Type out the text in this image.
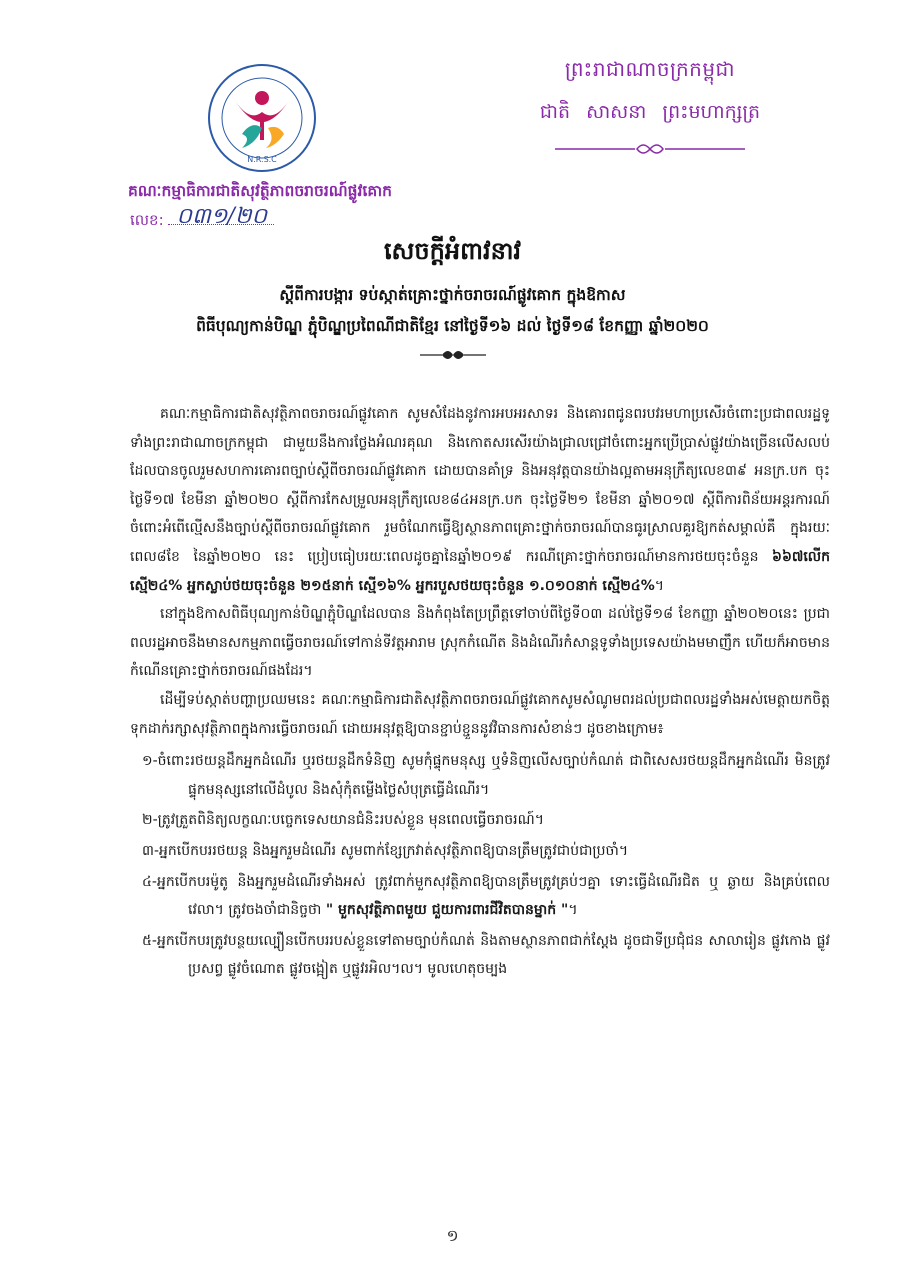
N.R.S.C
ព្រះរាជាណាចក្រកម្ពុជា
ជាតិ សាសនា ព្រះមហាក្សត្រ
គណៈកម្មាធិការជាតិសុវត្ថិភាពចរាចរណ៍ផ្លូវគោក
លេខ: ០៣១/២០
សេចក្តីអំពាវនាវ
ស្តីពីការបង្ការ ទប់ស្កាត់គ្រោះថ្នាក់ចរាចរណ៍ផ្លូវគោក ក្នុងឱកាស
ពិធីបុណ្យកាន់បិណ្ឌ ភ្ជុំបិណ្ឌប្រពៃណីជាតិខ្មែរ នៅថ្ងៃទី១៦ ដល់ ថ្ងៃទី១៨ ខែកញ្ញា ឆ្នាំ២០២០

គណៈកម្មាធិការជាតិសុវត្ថិភាពចរាចរណ៍ផ្លូវគោក សូមសំដែងនូវការអបអរសាទរ និងគោរពជូនពរបវរមហាប្រសើរចំពោះប្រជាពលរដ្ឋទូទាំងព្រះរាជាណាចក្រកម្ពុជា ជាមួយនឹងការថ្លែងអំណរគុណ និងកោតសរសើរយ៉ាងជ្រាលជ្រៅចំពោះអ្នកប្រើប្រាស់ផ្លូវយ៉ាងច្រើនលើសលប់ ដែលបានចូលរួមសហការគោរពច្បាប់ស្តីពីចរាចរណ៍ផ្លូវគោក ដោយបានគាំទ្រ និងអនុវត្តបានយ៉ាងល្អតាមអនុក្រឹត្យលេខ៣៩ អនក្រ.បក ចុះថ្ងៃទី១៧ ខែមីនា ឆ្នាំ២០២០ ស្តីពីការកែសម្រួលអនុក្រឹត្យលេខ៨៤អនក្រ.បក ចុះថ្ងៃទី២១ ខែមីនា ឆ្នាំ២០១៧ ស្តីពីការពិន័យអន្តរការណ៍ចំពោះអំពើល្មើសនឹងច្បាប់ស្តីពីចរាចរណ៍ផ្លូវគោក រួមចំណែកធ្វើឱ្យស្ថានភាពគ្រោះថ្នាក់ចរាចរណ៍បានធូរស្រាលគួរឱ្យកត់សម្គាល់គឺ ក្នុងរយៈពេល៨ខែ នៃឆ្នាំ២០២០ នេះ ប្រៀបធៀបរយៈពេលដូចគ្នានៃឆ្នាំ២០១៩ ករណីគ្រោះថ្នាក់ចរាចរណ៍មានការថយចុះចំនួន ៦៦៧លើក ស្មើ២៤% អ្នកស្លាប់ថយចុះចំនួន ២១៥នាក់ ស្មើ១៦% អ្នករបួសថយចុះចំនួន ១.០១០នាក់ ស្មើ២៤%។

នៅក្នុងឱកាសពិធីបុណ្យកាន់បិណ្ឌភ្ជុំបិណ្ឌដែលបាន និងកំពុងតែប្រព្រឹត្តទៅចាប់ពីថ្ងៃទី០៣ ដល់ថ្ងៃទី១៨ ខែកញ្ញា ឆ្នាំ២០២០នេះ ប្រជាពលរដ្ឋអាចនឹងមានសកម្មភាពធ្វើចរាចរណ៍ទៅកាន់ទីវត្តអារាម ស្រុកកំណើត និងដំណើរកំសាន្តទូទាំងប្រទេសយ៉ាងមមាញឹក ហើយក៏អាចមានកំណើនគ្រោះថ្នាក់ចរាចរណ៍ផងដែរ។

ដើម្បីទប់ស្កាត់បញ្ហាប្រឈមនេះ គណៈកម្មាធិការជាតិសុវត្ថិភាពចរាចរណ៍ផ្លូវគោកសូមសំណូមពរដល់ប្រជាពលរដ្ឋទាំងអស់មេត្តាយកចិត្តទុកដាក់រក្សាសុវត្ថិភាពក្នុងការធ្វើចរាចរណ៍ ដោយអនុវត្តឱ្យបានខ្ជាប់ខ្ជួននូវវិធានការសំខាន់ៗ ដូចខាងក្រោម៖

១-ចំពោះរថយន្តដឹកអ្នកដំណើរ ឬរថយន្តដឹកទំនិញ សូមកុំផ្ទុកមនុស្ស ឬទំនិញលើសច្បាប់កំណត់ ជាពិសេសរថយន្តដឹកអ្នកដំណើរ មិនត្រូវផ្ទុកមនុស្សនៅលើដំបូល និងសុំកុំតម្លើងថ្លៃសំបុត្រធ្វើដំណើរ។
២-ត្រូវត្រួតពិនិត្យលក្ខណៈបច្ចេកទេសយានជំនិះរបស់ខ្លួន មុនពេលធ្វើចរាចរណ៍។
៣-អ្នកបើកបររថយន្ត និងអ្នករួមដំណើរ សូមពាក់ខ្សែក្រវាត់សុវត្ថិភាពឱ្យបានត្រឹមត្រូវជាប់ជាប្រចាំ។
៤-អ្នកបើកបរម៉ូតូ និងអ្នករួមដំណើរទាំងអស់ ត្រូវពាក់មួកសុវត្ថិភាពឱ្យបានត្រឹមត្រូវគ្រប់ៗគ្នា ទោះធ្វើដំណើរជិត ឬ ឆ្ងាយ និងគ្រប់ពេលវេលា។ ត្រូវចងចាំជានិច្ចថា " មួកសុវត្ថិភាពមួយ ជួយការពារជីវិតបានម្នាក់ "។
៥-អ្នកបើកបរត្រូវបន្ថយល្បឿនបើកបររបស់ខ្លួនទៅតាមច្បាប់កំណត់ និងតាមស្ថានភាពជាក់ស្តែង ដូចជាទីប្រជុំជន សាលារៀន ផ្លូវកោង ផ្លូវប្រសព្វ ផ្លូវចំណោត ផ្លូវចង្អៀត ឬផ្លូវរអិល។ល។ មូលហេតុចម្បង
១
